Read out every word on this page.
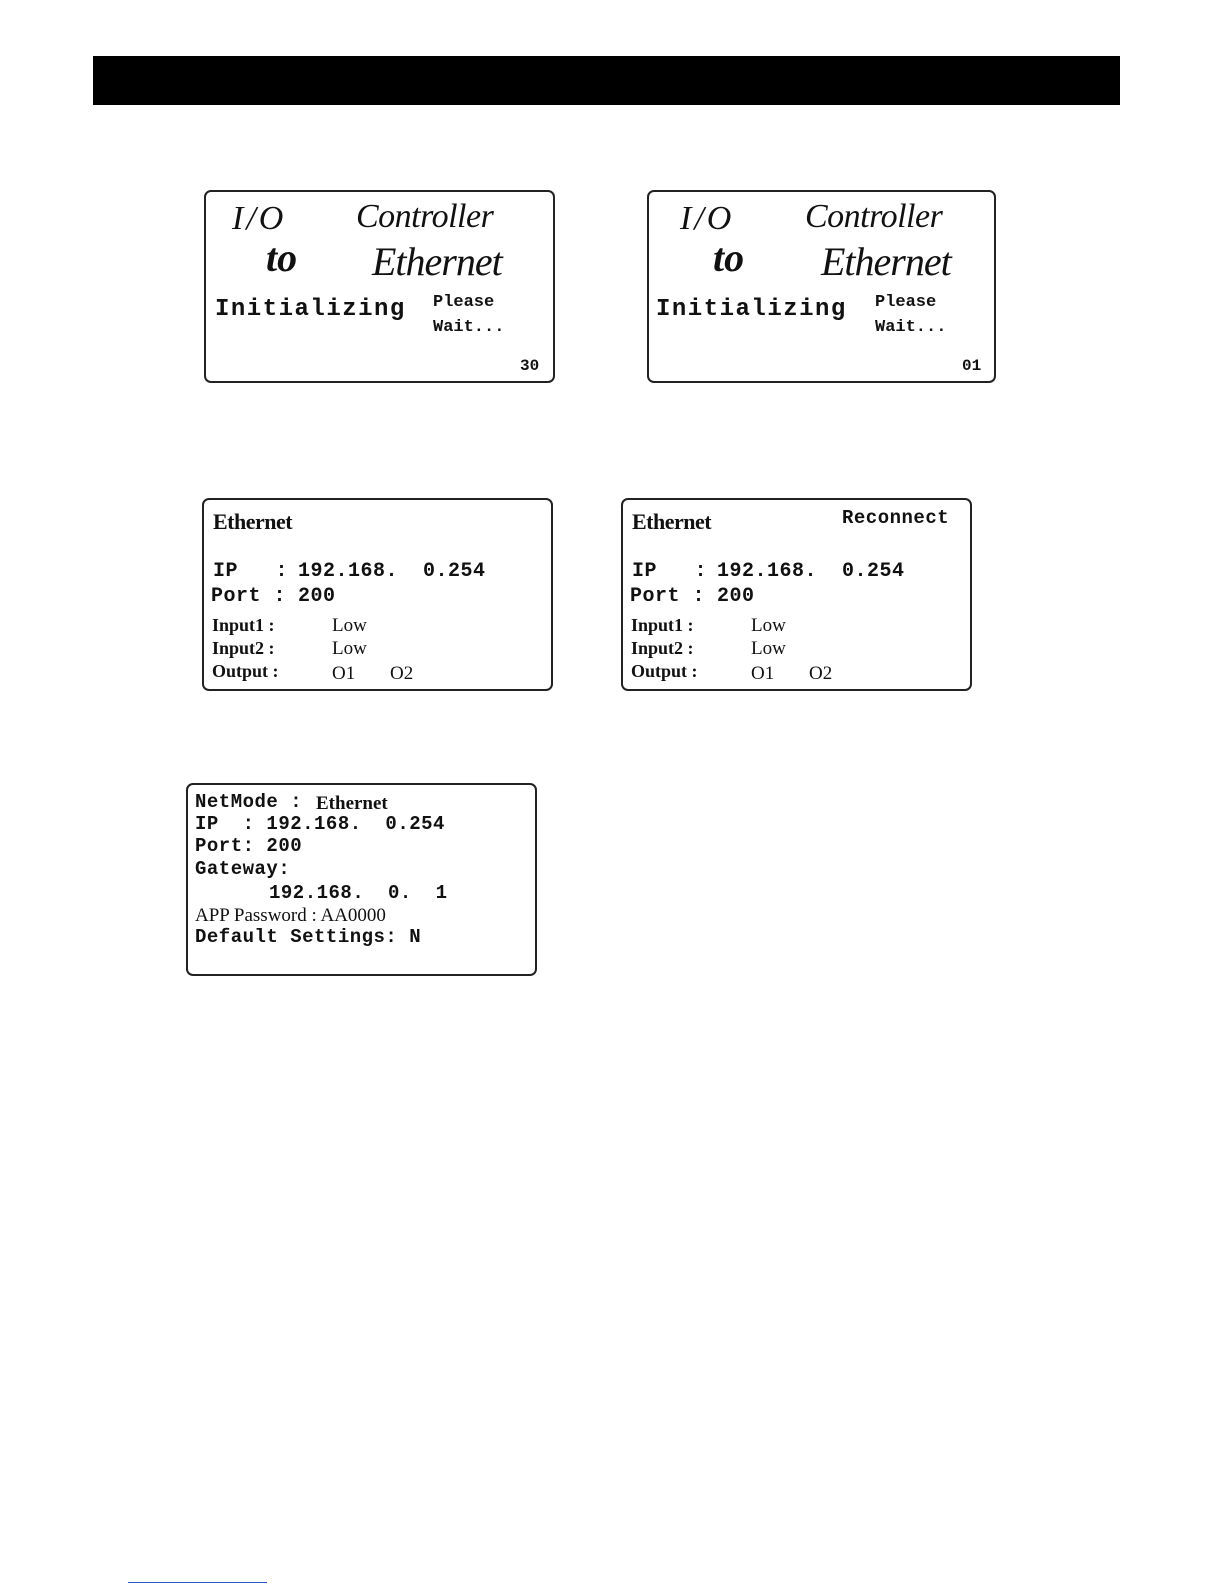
I/O Controller
to Ethernet
Initializing Please
Wait...
30
I/O Controller
to Ethernet
Initializing Please
Wait...
01
Ethernet
IP   : 192.168.  0.254
Port : 200
Input1 :	Low
Input2 :	Low
Output :	O1 O2
Ethernet	Reconnect
IP   : 192.168.  0.254
Port : 200
Input1 :	Low
Input2 :	Low
Output :	O1 O2
NetMode : Ethernet
IP  : 192.168.  0.254
Port: 200
Gateway:
192.168.  0.  1
APP Password : AA0000
Default Settings: N
